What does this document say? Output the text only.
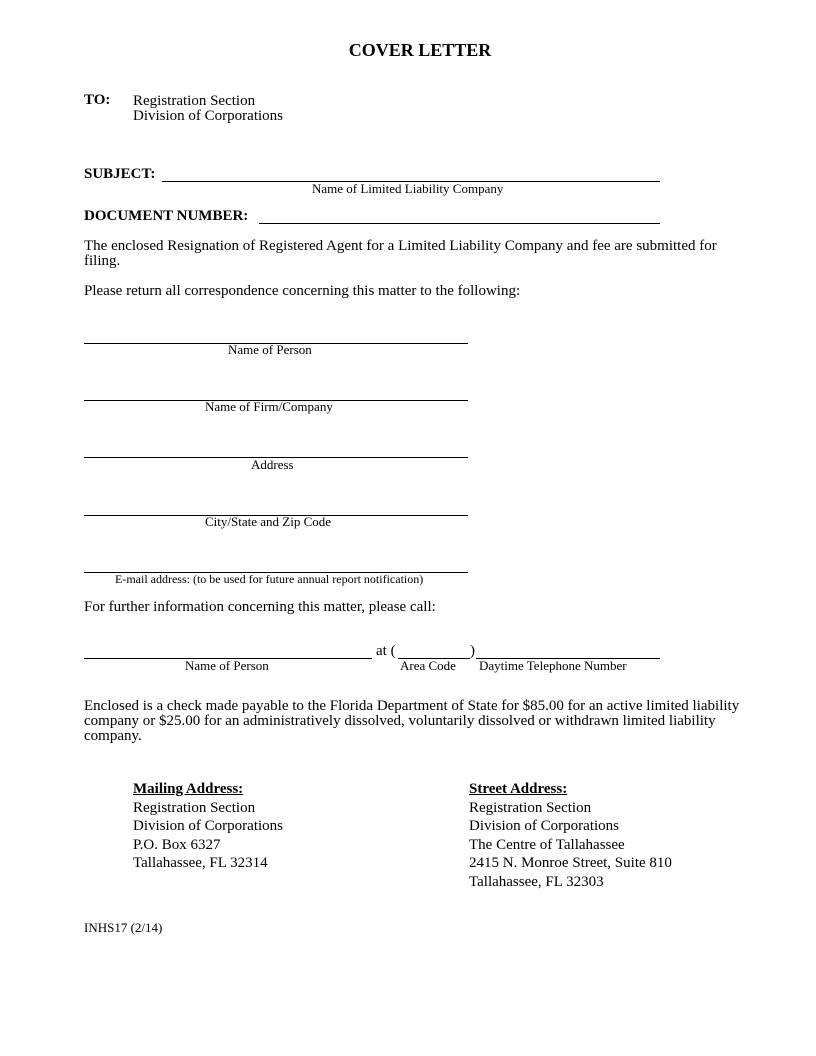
COVER LETTER
TO: Registration Section
Division of Corporations
SUBJECT:
Name of Limited Liability Company
DOCUMENT NUMBER:
The enclosed Resignation of Registered Agent for a Limited Liability Company and fee are submitted for filing.
Please return all correspondence concerning this matter to the following:
Name of Person
Name of Firm/Company
Address
City/State and Zip Code
E-mail address: (to be used for future annual report notification)
For further information concerning this matter, please call:
at (	)
Name of Person	Area Code Daytime Telephone Number
Enclosed is a check made payable to the Florida Department of State for $85.00 for an active limited liability company or $25.00 for an administratively dissolved, voluntarily dissolved or withdrawn limited liability company.
Mailing Address:
Registration Section
Division of Corporations
P.O. Box 6327
Tallahassee, FL 32314
Street Address:
Registration Section
Division of Corporations
The Centre of Tallahassee
2415 N. Monroe Street, Suite 810
Tallahassee, FL 32303
INHS17 (2/14)
